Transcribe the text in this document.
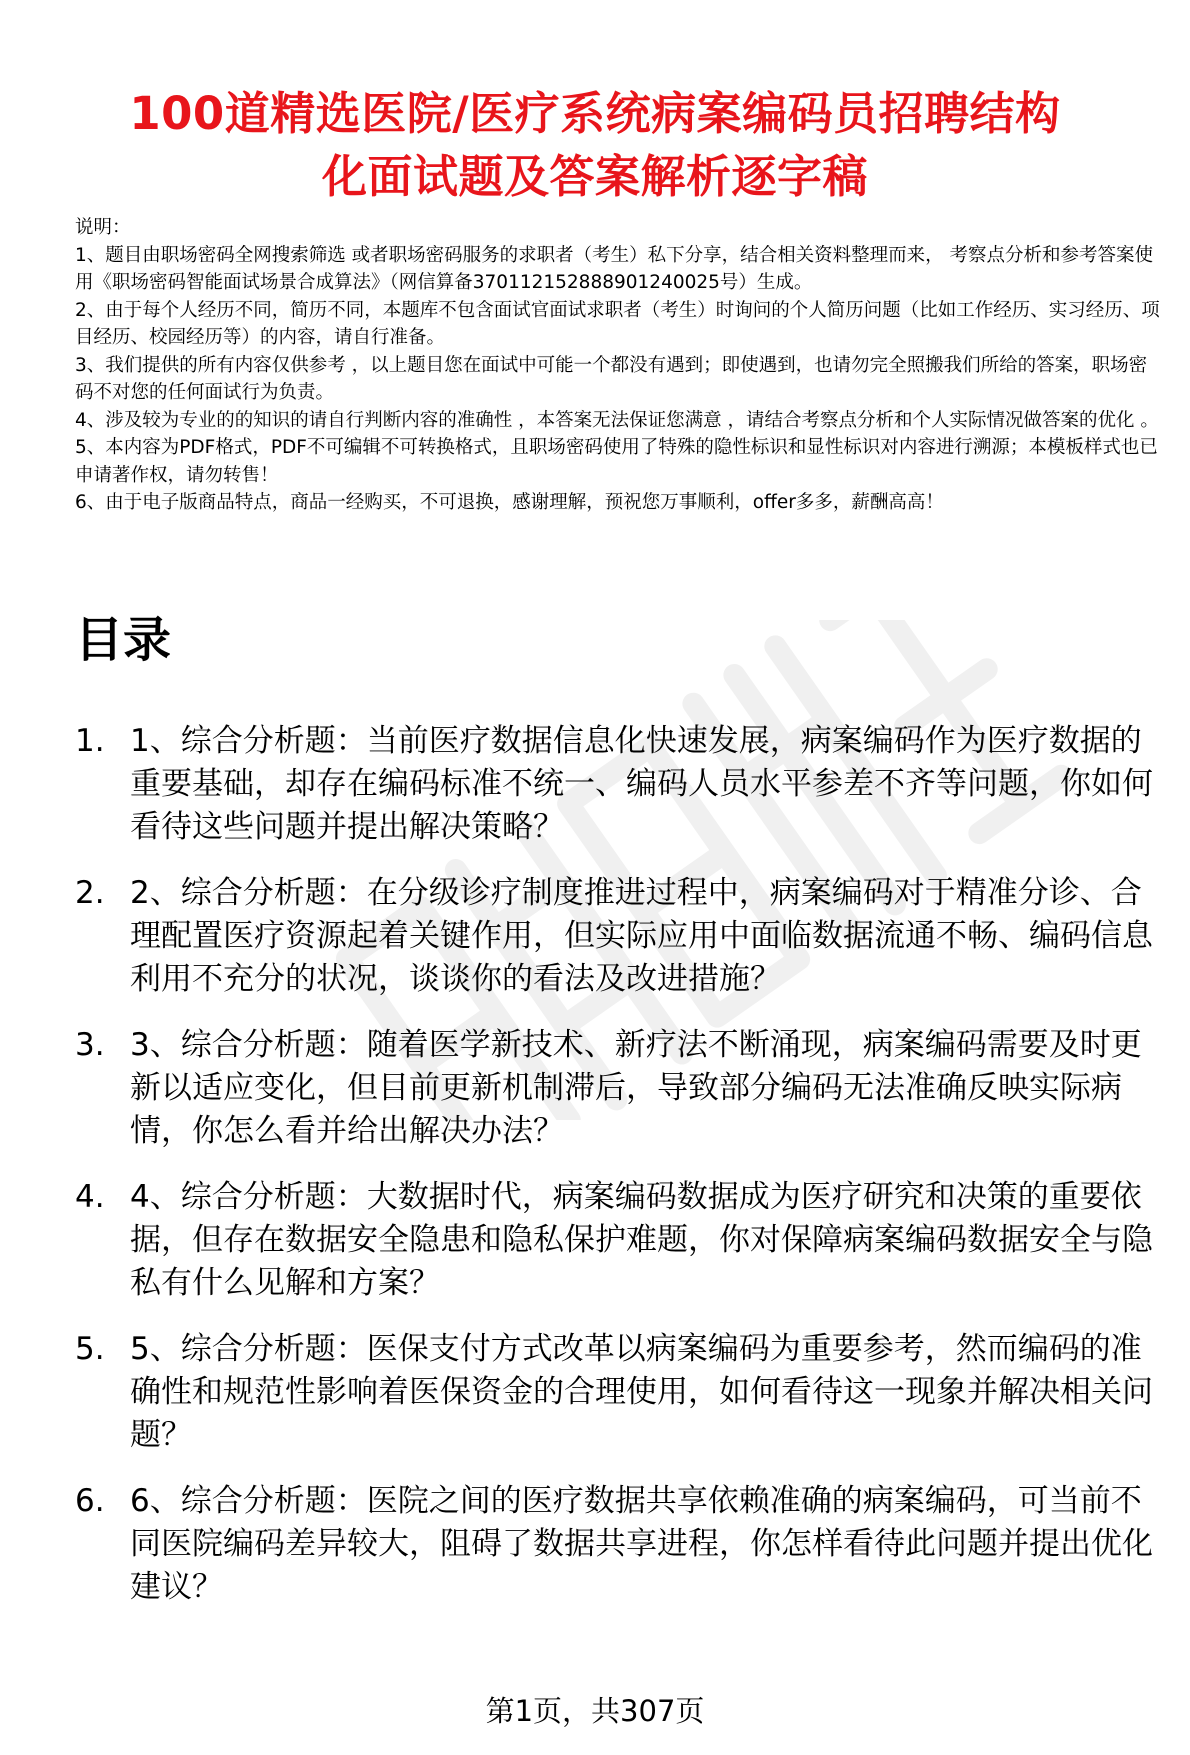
100道精选医院/医疗系统病案编码员招聘结构
化面试题及答案解析逐字稿

说明：

1、题目由职场密码全网搜索筛选 或者职场密码服务的求职者（考生）私下分享，结合相关资料整理而来， 考察点分析和参考答案使用《职场密码智能面试场景合成算法》（网信算备370112152888901240025号）生成。

2、由于每个人经历不同，简历不同，本题库不包含面试官面试求职者（考生）时询问的个人简历问题（比如工作经历、实习经历、项目经历、校园经历等）的内容，请自行准备。

3、我们提供的所有内容仅供参考 ，以上题目您在面试中可能一个都没有遇到；即使遇到，也请勿完全照搬我们所给的答案，职场密码不对您的任何面试行为负责。

4、涉及较为专业的的知识的请自行判断内容的准确性 ，本答案无法保证您满意 ，请结合考察点分析和个人实际情况做答案的优化 。

5、本内容为PDF格式，PDF不可编辑不可转换格式，且职场密码使用了特殊的隐性标识和显性标识对内容进行溯源；本模板样式也已申请著作权，请勿转售！

6、由于电子版商品特点，商品一经购买，不可退换，感谢理解，预祝您万事顺利，offer多多，薪酬高高！

目录
1. 1、综合分析题：当前医疗数据信息化快速发展，病案编码作为医疗数据的重要基础，却存在编码标准不统一、编码人员水平参差不齐等问题，你如何看待这些问题并提出解决策略？
2. 2、综合分析题：在分级诊疗制度推进过程中，病案编码对于精准分诊、合理配置医疗资源起着关键作用，但实际应用中面临数据流通不畅、编码信息利用不充分的状况，谈谈你的看法及改进措施？
3. 3、综合分析题：随着医学新技术、新疗法不断涌现，病案编码需要及时更新以适应变化，但目前更新机制滞后，导致部分编码无法准确反映实际病情，你怎么看并给出解决办法？
4. 4、综合分析题：大数据时代，病案编码数据成为医疗研究和决策的重要依据，但存在数据安全隐患和隐私保护难题，你对保障病案编码数据安全与隐私有什么见解和方案？
5. 5、综合分析题：医保支付方式改革以病案编码为重要参考，然而编码的准确性和规范性影响着医保资金的合理使用，如何看待这一现象并解决相关问题？
6. 6、综合分析题：医院之间的医疗数据共享依赖准确的病案编码，可当前不同医院编码差异较大，阻碍了数据共享进程，你怎样看待此问题并提出优化建议？
第1页，共307页
